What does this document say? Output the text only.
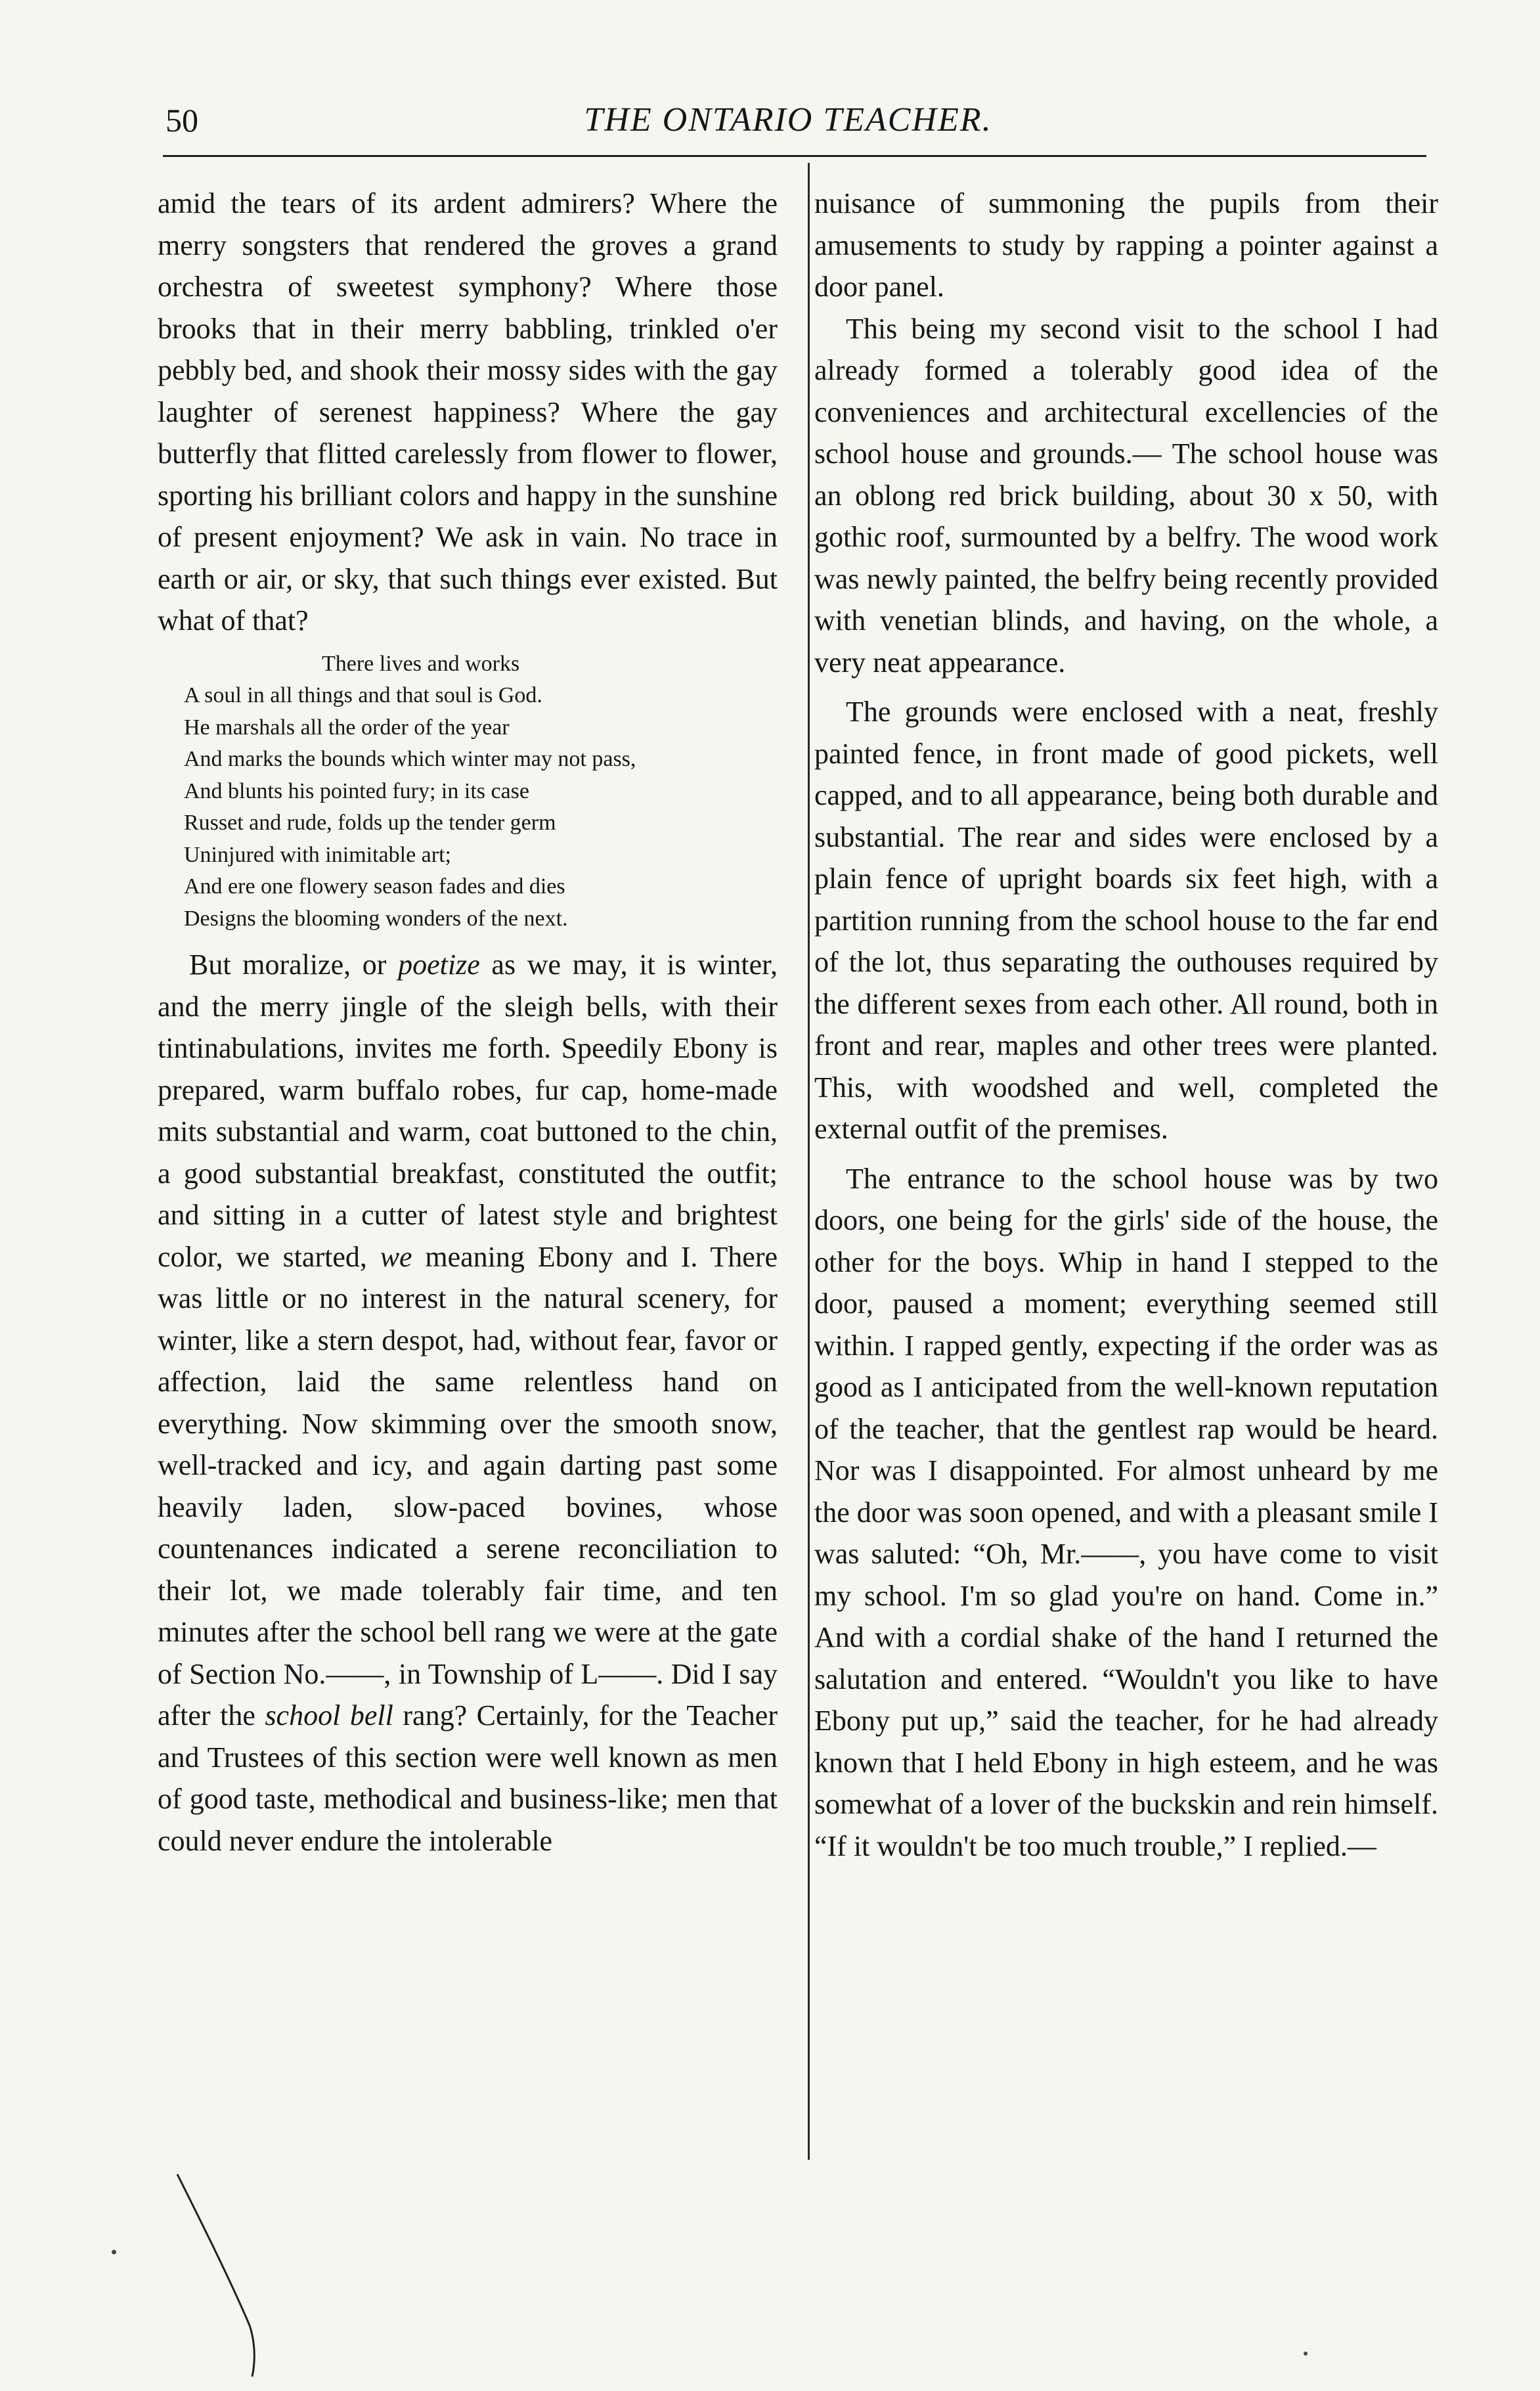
50	THE ONTARIO TEACHER.

amid the tears of its ardent admirers? Where the merry songsters that rendered the groves a grand orchestra of sweetest symphony? Where those brooks that in their merry babbling, trinkled o'er pebbly bed, and shook their mossy sides with the gay laughter of serenest happiness? Where the gay butterfly that flitted carelessly from flower to flower, sporting his brilliant colors and happy in the sunshine of present enjoyment? We ask in vain. No trace in earth or air, or sky, that such things ever existed. But what of that?

There lives and works
A soul in all things and that soul is God.
He marshals all the order of the year
And marks the bounds which winter may not pass,
And blunts his pointed fury; in its case
Russet and rude, folds up the tender germ
Uninjured with inimitable art;
And ere one flowery season fades and dies
Designs the blooming wonders of the next.

But moralize, or poetize as we may, it is winter, and the merry jingle of the sleigh bells, with their tintinabulations, invites me forth. Speedily Ebony is prepared, warm buffalo robes, fur cap, home-made mits substantial and warm, coat buttoned to the chin, a good substantial breakfast, constituted the outfit; and sitting in a cutter of latest style and brightest color, we started, we meaning Ebony and I. There was little or no interest in the natural scenery, for winter, like a stern despot, had, without fear, favor or affection, laid the same relentless hand on everything. Now skimming over the smooth snow, well-tracked and icy, and again darting past some heavily laden, slow-paced bovines, whose countenances indicated a serene reconciliation to their lot, we made tolerably fair time, and ten minutes after the school bell rang we were at the gate of Section No.——, in Township of L——. Did I say after the school bell rang? Certainly, for the Teacher and Trustees of this section were well known as men of good taste, methodical and business-like; men that could never endure the intolerable

nuisance of summoning the pupils from their amusements to study by rapping a pointer against a door panel.

This being my second visit to the school I had already formed a tolerably good idea of the conveniences and architectural excellencies of the school house and grounds.— The school house was an oblong red brick building, about 30 x 50, with gothic roof, surmounted by a belfry. The wood work was newly painted, the belfry being recently provided with venetian blinds, and having, on the whole, a very neat appearance.

The grounds were enclosed with a neat, freshly painted fence, in front made of good pickets, well capped, and to all appearance, being both durable and substantial. The rear and sides were enclosed by a plain fence of upright boards six feet high, with a partition running from the school house to the far end of the lot, thus separating the outhouses required by the different sexes from each other. All round, both in front and rear, maples and other trees were planted. This, with woodshed and well, completed the external outfit of the premises.

The entrance to the school house was by two doors, one being for the girls' side of the house, the other for the boys. Whip in hand I stepped to the door, paused a moment; everything seemed still within. I rapped gently, expecting if the order was as good as I anticipated from the well-known reputation of the teacher, that the gentlest rap would be heard. Nor was I disappointed. For almost unheard by me the door was soon opened, and with a pleasant smile I was saluted: “Oh, Mr.——, you have come to visit my school. I'm so glad you're on hand. Come in.” And with a cordial shake of the hand I returned the salutation and entered. “Wouldn't you like to have Ebony put up,” said the teacher, for he had already known that I held Ebony in high esteem, and he was somewhat of a lover of the buckskin and rein himself. “If it wouldn't be too much trouble,” I replied.—
